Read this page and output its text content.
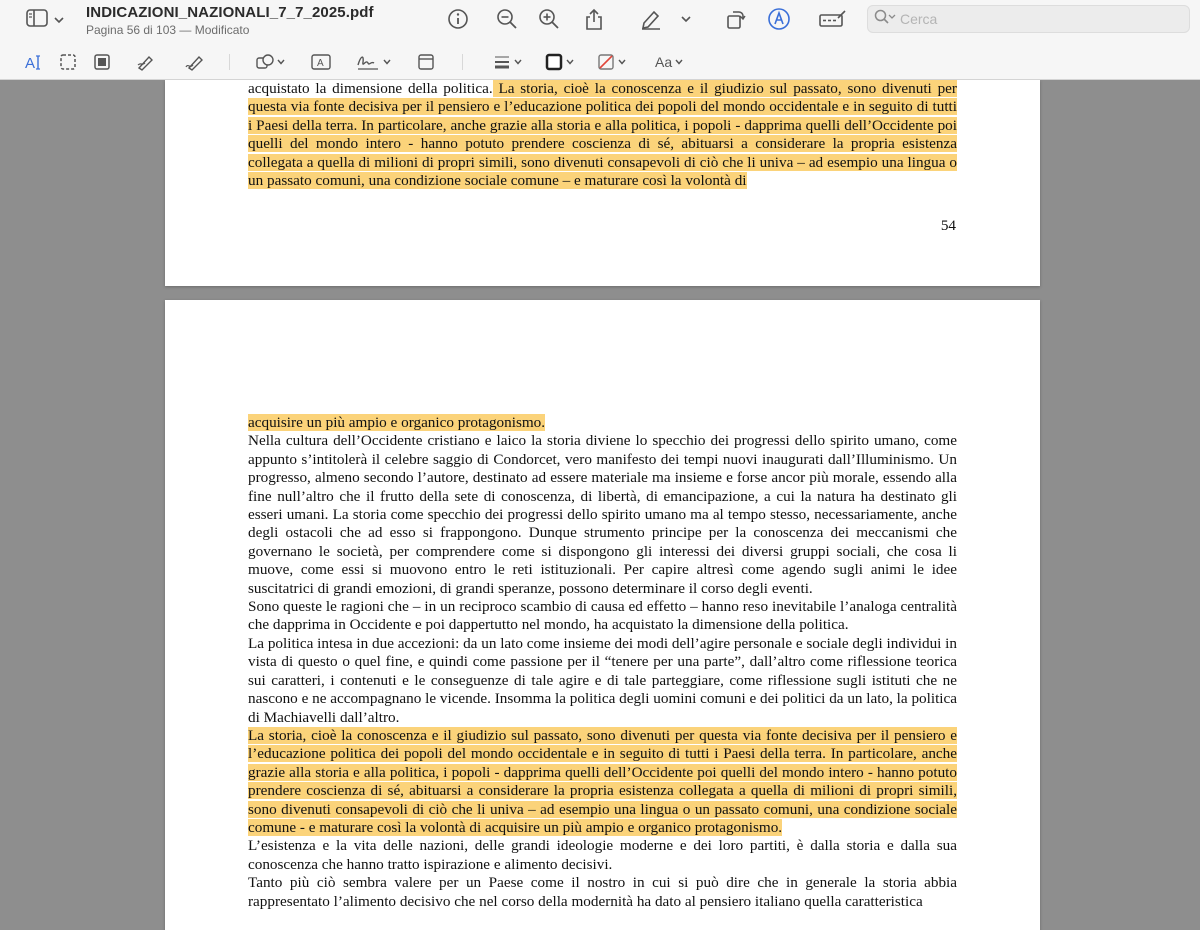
INDICAZIONI_NAZIONALI_7_7_2025.pdf
Pagina 56 di 103 — Modificato
Cerca
A	A	Aa
acquistato la dimensione della politica. La storia, cioè la conoscenza e il giudizio sul passato, sono divenuti per questa via fonte decisiva per il pensiero e l’educazione politica dei popoli del mondo occidentale e in seguito di tutti i Paesi della terra. In particolare, anche grazie alla storia e alla politica, i popoli - dapprima quelli dell’Occidente poi quelli del mondo intero - hanno potuto prendere coscienza di sé, abituarsi a considerare la propria esistenza collegata a quella di milioni di propri simili, sono divenuti consapevoli di ciò che li univa – ad esempio una lingua o un passato comuni, una condizione sociale comune – e maturare così la volontà di
54
acquisire un più ampio e organico protagonismo.
Nella cultura dell’Occidente cristiano e laico la storia diviene lo specchio dei progressi dello spirito umano, come appunto s’intitolerà il celebre saggio di Condorcet, vero manifesto dei tempi nuovi inaugurati dall’Illuminismo. Un progresso, almeno secondo l’autore, destinato ad essere materiale ma insieme e forse ancor più morale, essendo alla fine null’altro che il frutto della sete di conoscenza, di libertà, di emancipazione, a cui la natura ha destinato gli esseri umani. La storia come specchio dei progressi dello spirito umano ma al tempo stesso, necessariamente, anche degli ostacoli che ad esso si frappongono. Dunque strumento principe per la conoscenza dei meccanismi che governano le società, per comprendere come si dispongono gli interessi dei diversi gruppi sociali, che cosa li muove, come essi si muovono entro le reti istituzionali. Per capire altresì come agendo sugli animi le idee suscitatrici di grandi emozioni, di grandi speranze, possono determinare il corso degli eventi.
Sono queste le ragioni che – in un reciproco scambio di causa ed effetto – hanno reso inevitabile l’analoga centralità che dapprima in Occidente e poi dappertutto nel mondo, ha acquistato la dimensione della politica.
La politica intesa in due accezioni: da un lato come insieme dei modi dell’agire personale e sociale degli individui in vista di questo o quel fine, e quindi come passione per il “tenere per una parte”, dall’altro come riflessione teorica sui caratteri, i contenuti e le conseguenze di tale agire e di tale parteggiare, come riflessione sugli istituti che ne nascono e ne accompagnano le vicende. Insomma la politica degli uomini comuni e dei politici da un lato, la politica di Machiavelli dall’altro.
La storia, cioè la conoscenza e il giudizio sul passato, sono divenuti per questa via fonte decisiva per il pensiero e l’educazione politica dei popoli del mondo occidentale e in seguito di tutti i Paesi della terra. In particolare, anche grazie alla storia e alla politica, i popoli - dapprima quelli dell’Occidente poi quelli del mondo intero - hanno potuto prendere coscienza di sé, abituarsi a considerare la propria esistenza collegata a quella di milioni di propri simili, sono divenuti consapevoli di ciò che li univa – ad esempio una lingua o un passato comuni, una condizione sociale comune - e maturare così la volontà di acquisire un più ampio e organico protagonismo.
L’esistenza e la vita delle nazioni, delle grandi ideologie moderne e dei loro partiti, è dalla storia e dalla sua conoscenza che hanno tratto ispirazione e alimento decisivi.
Tanto più ciò sembra valere per un Paese come il nostro in cui si può dire che in generale la storia abbia rappresentato l’alimento decisivo che nel corso della modernità ha dato al pensiero italiano quella caratteristica
